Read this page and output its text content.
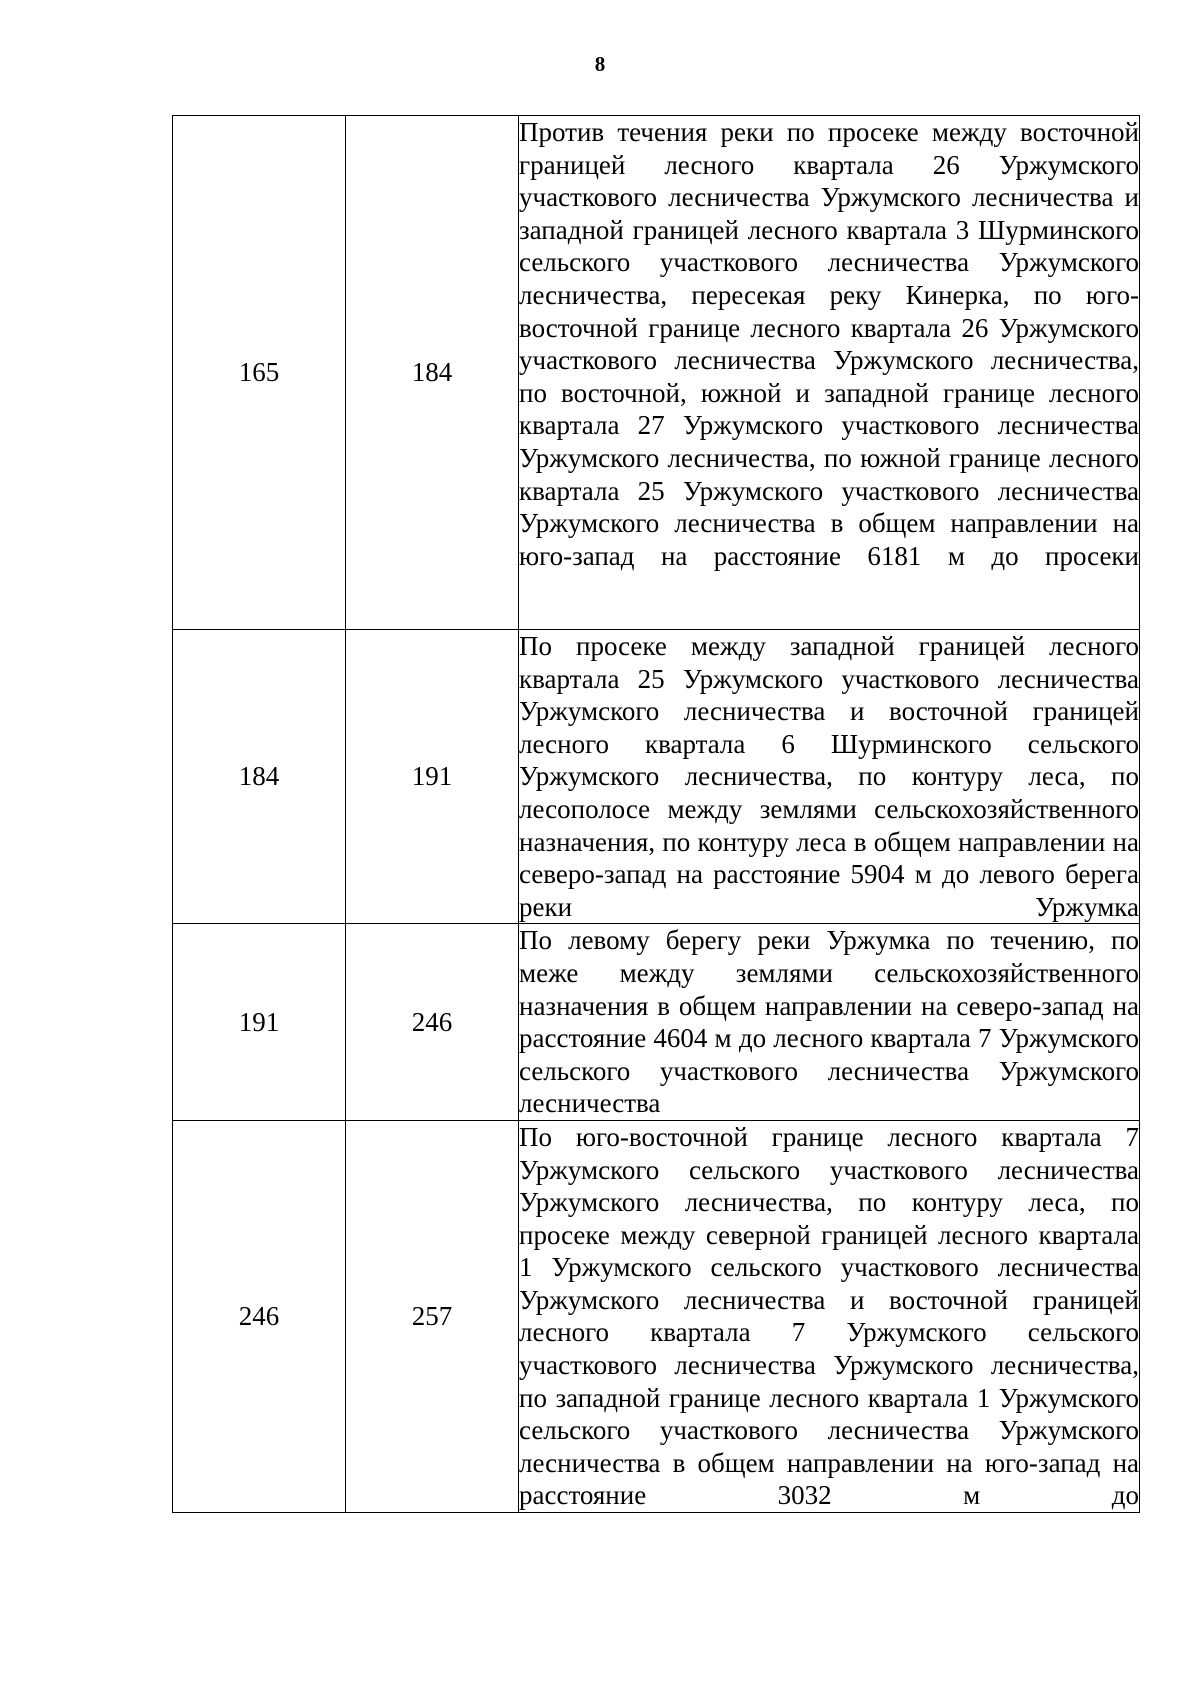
8
165	184	Против течения реки по просеке между восточной границей лесного квартала 26 Уржумского участкового лесничества Уржумского лесничества и западной границей лесного квартала 3 Шурминского сельского участкового лесничества Уржумского лесничества, пересекая реку Кинерка, по юго-восточной границе лесного квартала 26 Уржумского участкового лесничества Уржумского лесничества, по восточной, южной и западной границе лесного квартала 27 Уржумского участкового лесничества Уржумского лесничества, по южной границе лесного квартала 25 Уржумского участкового лесничества Уржумского лесничества в общем направлении на юго-запад на расстояние 6181 м до просеки

184	191	По просеке между западной границей лесного квартала 25 Уржумского участкового лесничества Уржумского лесничества и восточной границей лесного квартала 6 Шурминского сельского Уржумского лесничества, по контуру леса, по лесополосе между землями сельскохозяйственного назначения, по контуру леса в общем направлении на северо-запад на расстояние 5904 м до левого берега реки Уржумка

191	246	По левому берегу реки Уржумка по течению, по меже между землями сельскохозяйственного назначения в общем направлении на северо-запад на расстояние 4604 м до лесного квартала 7 Уржумского сельского участкового лесничества Уржумского лесничества

246	257	По юго-восточной границе лесного квартала 7 Уржумского сельского участкового лесничества Уржумского лесничества, по контуру леса, по просеке между северной границей лесного квартала 1 Уржумского сельского участкового лесничества Уржумского лесничества и восточной границей лесного квартала 7 Уржумского сельского участкового лесничества Уржумского лесничества, по западной границе лесного квартала 1 Уржумского сельского участкового лесничества Уржумского лесничества в общем направлении на юго-запад на расстояние 3032 м до
